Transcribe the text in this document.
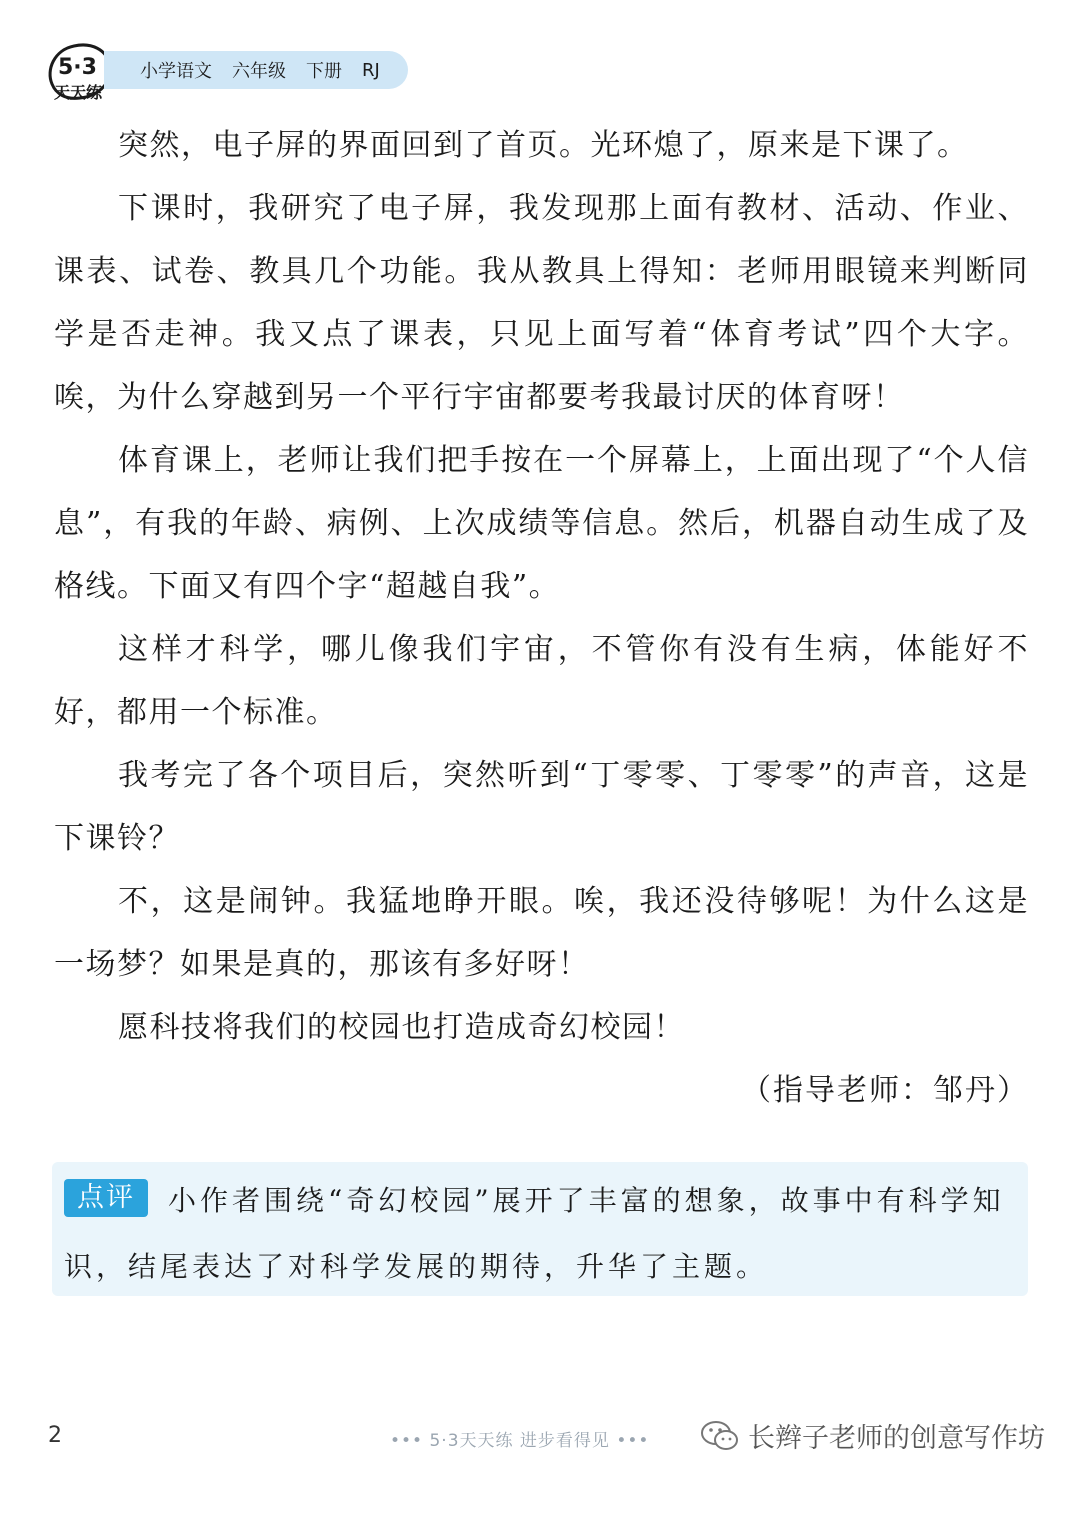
5·3
天天练
小学语文 六年级 下册 RJ

突然，电子屏的界面回到了首页。光环熄了，原来是下课了。

下课时，我研究了电子屏，我发现那上面有教材、活动、作业、课表、试卷、教具几个功能。我从教具上得知：老师用眼镜来判断同学是否走神。我又点了课表，只见上面写着“体育考试”四个大字。唉，为什么穿越到另一个平行宇宙都要考我最讨厌的体育呀！

体育课上，老师让我们把手按在一个屏幕上，上面出现了“个人信息”，有我的年龄、病例、上次成绩等信息。然后，机器自动生成了及格线。下面又有四个字“超越自我”。

这样才科学，哪儿像我们宇宙，不管你有没有生病，体能好不好，都用一个标准。

我考完了各个项目后，突然听到“丁零零、丁零零”的声音，这是下课铃？

不，这是闹钟。我猛地睁开眼。唉，我还没待够呢！为什么这是一场梦？如果是真的，那该有多好呀！

愿科技将我们的校园也打造成奇幻校园！

（指导老师：邹丹）

小作者围绕“奇幻校园”展开了丰富的想象，故事中有科学知识，结尾表达了对科学发展的期待，升华了主题。
点评
2	••• 5·3天天练 进步看得见 •••	长辫子老师的创意写作坊
